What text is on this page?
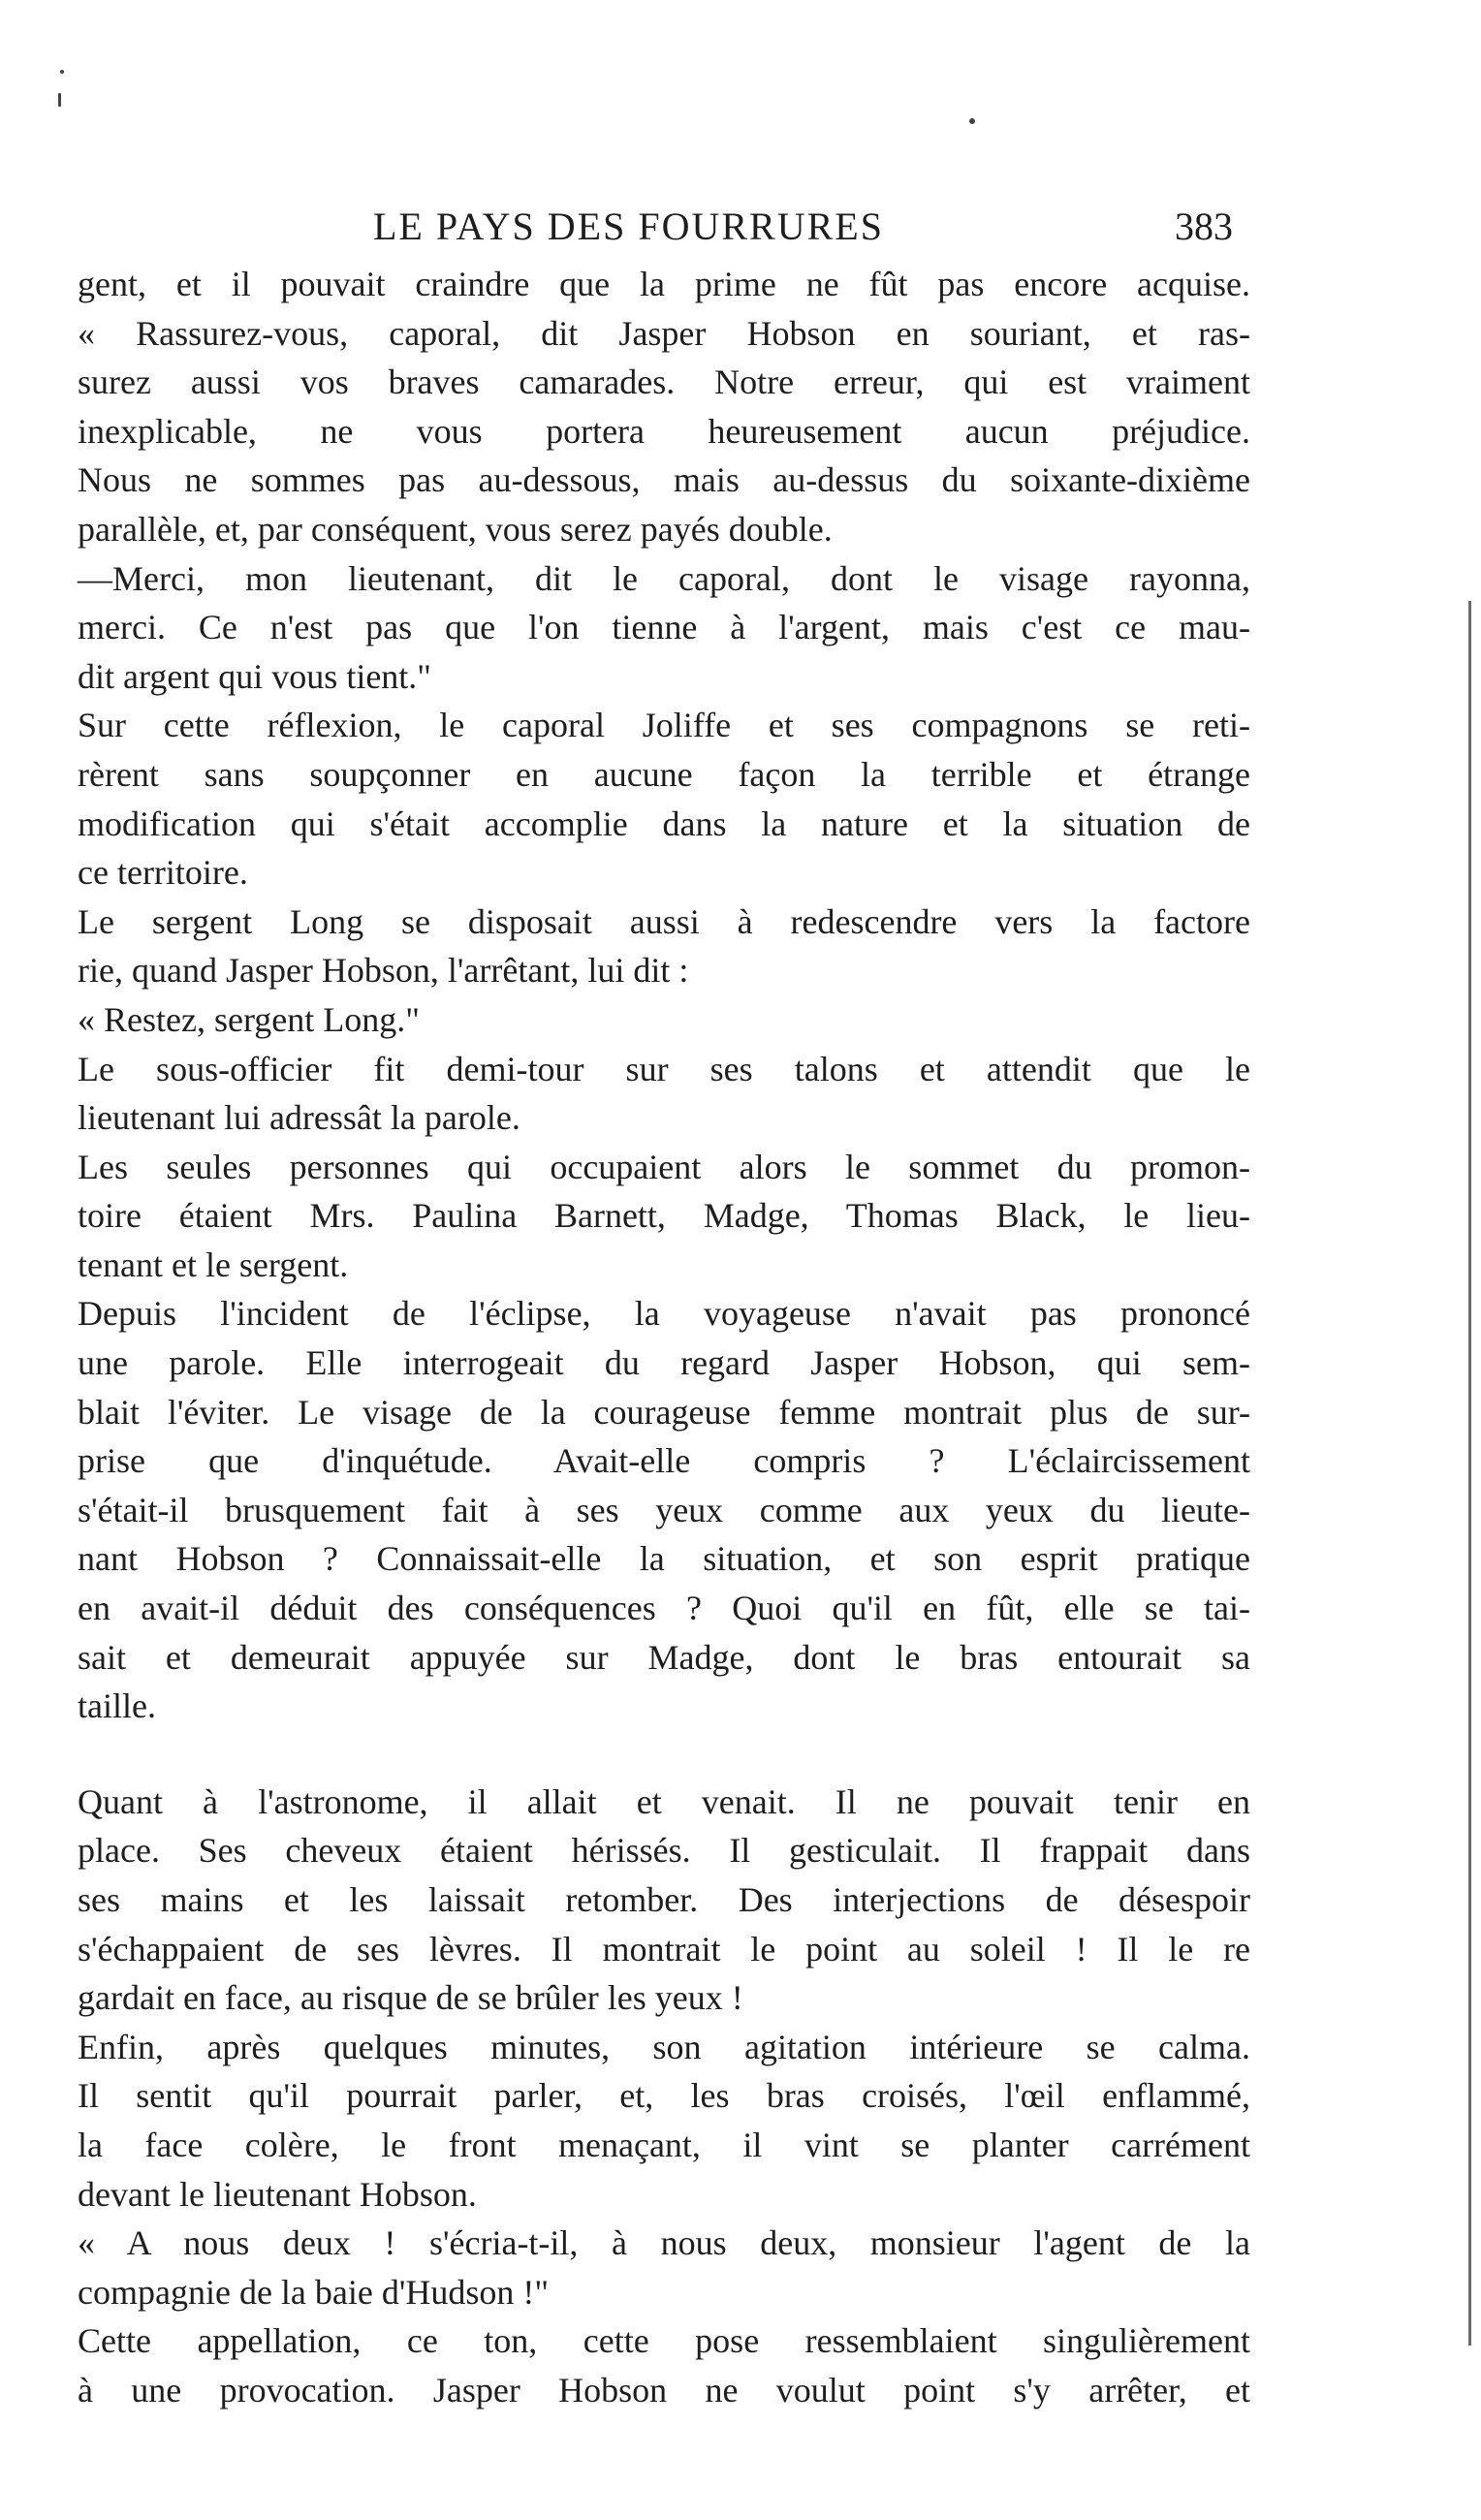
LE PAYS DES FOURRURES	383
gent, et il pouvait craindre que la prime ne fût pas encore acquise.
« Rassurez-vous, caporal, dit Jasper Hobson en souriant, et ras-
surez aussi vos braves camarades. Notre erreur, qui est vraiment
inexplicable, ne vous portera heureusement aucun préjudice.
Nous ne sommes pas au-dessous, mais au-dessus du soixante-dixième
parallèle, et, par conséquent, vous serez payés double.
—Merci, mon lieutenant, dit le caporal, dont le visage rayonna,
merci. Ce n'est pas que l'on tienne à l'argent, mais c'est ce mau-
dit argent qui vous tient."
Sur cette réflexion, le caporal Joliffe et ses compagnons se reti-
rèrent sans soupçonner en aucune façon la terrible et étrange
modification qui s'était accomplie dans la nature et la situation de
ce territoire.
Le sergent Long se disposait aussi à redescendre vers la factore
rie, quand Jasper Hobson, l'arrêtant, lui dit :
« Restez, sergent Long."
Le sous-officier fit demi-tour sur ses talons et attendit que le
lieutenant lui adressât la parole.
Les seules personnes qui occupaient alors le sommet du promon-
toire étaient Mrs. Paulina Barnett, Madge, Thomas Black, le lieu-
tenant et le sergent.
Depuis l'incident de l'éclipse, la voyageuse n'avait pas prononcé
une parole. Elle interrogeait du regard Jasper Hobson, qui sem-
blait l'éviter. Le visage de la courageuse femme montrait plus de sur-
prise que d'inquétude. Avait-elle compris ? L'éclaircissement
s'était-il brusquement fait à ses yeux comme aux yeux du lieute-
nant Hobson ? Connaissait-elle la situation, et son esprit pratique
en avait-il déduit des conséquences ? Quoi qu'il en fût, elle se tai-
sait et demeurait appuyée sur Madge, dont le bras entourait sa
taille.
Quant à l'astronome, il allait et venait. Il ne pouvait tenir en
place. Ses cheveux étaient hérissés. Il gesticulait. Il frappait dans
ses mains et les laissait retomber. Des interjections de désespoir
s'échappaient de ses lèvres. Il montrait le point au soleil ! Il le re
gardait en face, au risque de se brûler les yeux !
Enfin, après quelques minutes, son agitation intérieure se calma.
Il sentit qu'il pourrait parler, et, les bras croisés, l'œil enflammé,
la face colère, le front menaçant, il vint se planter carrément
devant le lieutenant Hobson.
« A nous deux ! s'écria-t-il, à nous deux, monsieur l'agent de la
compagnie de la baie d'Hudson !"
Cette appellation, ce ton, cette pose ressemblaient singulièrement
à une provocation. Jasper Hobson ne voulut point s'y arrêter, et
